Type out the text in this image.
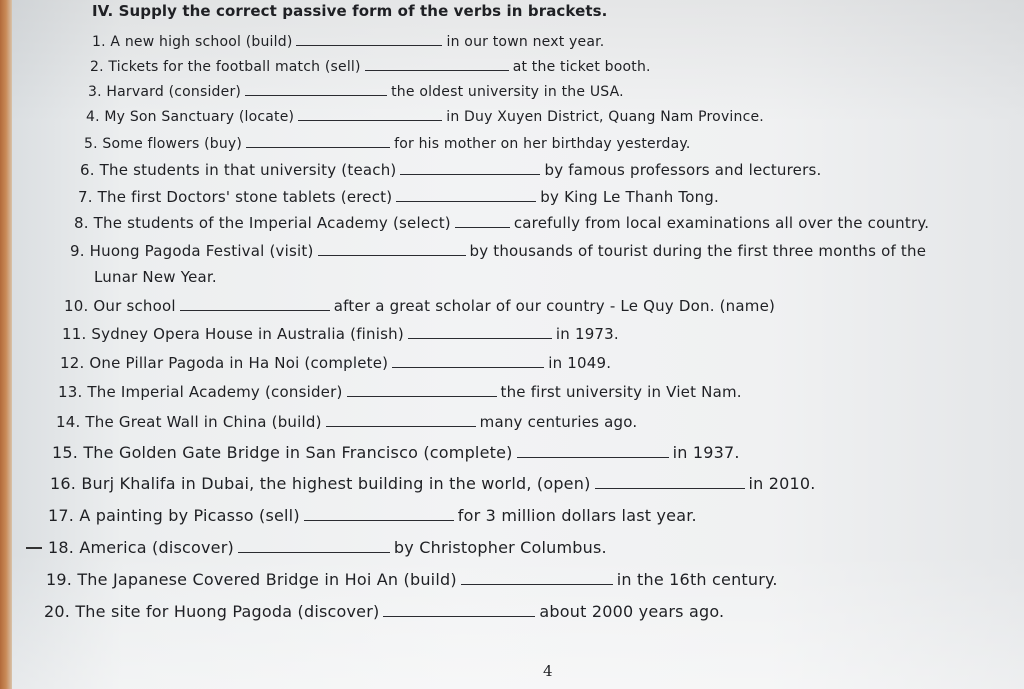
IV. Supply the correct passive form of the verbs in brackets.
1. A new high school (build)	in our town next year.
2. Tickets for the football match (sell)	at the ticket booth.
3. Harvard (consider)	the oldest university in the USA.
4. My Son Sanctuary (locate)	in Duy Xuyen District, Quang Nam Province.
5. Some flowers (buy)	for his mother on her birthday yesterday.
6. The students in that university (teach)	by famous professors and lecturers.
7. The first Doctors' stone tablets (erect)	by King Le Thanh Tong.
8. The students of the Imperial Academy (select)	carefully from local examinations all over the country.
9. Huong Pagoda Festival (visit)	by thousands of tourist during the first three months of the
Lunar New Year.
10. Our school	after a great scholar of our country - Le Quy Don. (name)
11. Sydney Opera House in Australia (finish)	in 1973.
12. One Pillar Pagoda in Ha Noi (complete)	in 1049.
13. The Imperial Academy (consider)	the first university in Viet Nam.
14. The Great Wall in China (build)	many centuries ago.
15. The Golden Gate Bridge in San Francisco (complete)	in 1937.
16. Burj Khalifa in Dubai, the highest building in the world, (open)	in 2010.
17. A painting by Picasso (sell)	for 3 million dollars last year.
18. America (discover)	by Christopher Columbus.
19. The Japanese Covered Bridge in Hoi An (build)	in the 16th century.
20. The site for Huong Pagoda (discover)	about 2000 years ago.
4
